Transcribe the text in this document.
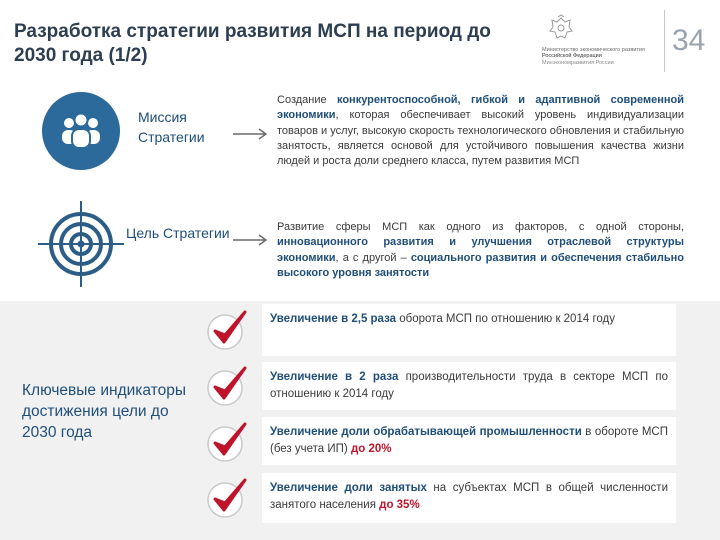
Разработка стратегии развития МСП на период до 2030 года (1/2)	Министерство экономического развития
Российской Федерации
Минэкономразвития России
34
Миссия Стратегии
Создание конкурентоспособной, гибкой и адаптивной современной экономики, которая обеспечивает высокий уровень индивидуализации товаров и услуг, высокую скорость технологического обновления и стабильную занятость, является основой для устойчивого повышения качества жизни людей и роста доли среднего класса, путем развития МСП
Цель Стратегии	Развитие сферы МСП как одного из факторов, с одной стороны, инновационного развития и улучшения отраслевой структуры экономики, а с другой – социального развития и обеспечения стабильно высокого уровня занятости
Ключевые индикаторы достижения цели до 2030 года
Увеличение в 2,5 раза оборота МСП по отношению к 2014 году
Увеличение в 2 раза производительности труда в секторе МСП по отношению к 2014 году
Увеличение доли обрабатывающей промышленности в обороте МСП (без учета ИП) до 20%
Увеличение доли занятых на субъектах МСП в общей численности занятого населения до 35%
